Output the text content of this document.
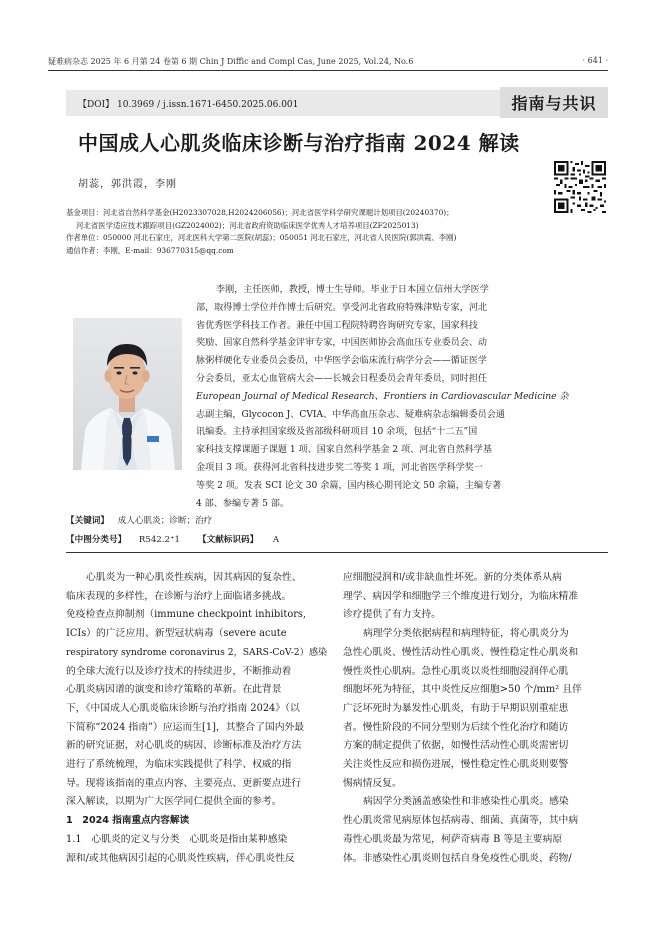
疑难病杂志 2025 年 6 月第 24 卷第 6 期 Chin J Diffic and Compl Cas, June 2025, Vol.24, No.6	· 641 ·
【DOI】 10.3969 / j.issn.1671-6450.2025.06.001	指南与共识
中国成人心肌炎临床诊断与治疗指南 2024 解读
胡蕊，郭洪霞，李刚
基金项目：河北省自然科学基金(H2023307028,H2024206056)；河北省医学科学研究课题计划项目(20240370)；
河北省医学适应技术跟踪项目(GZ2024002)；河北省政府资助临床医学优秀人才培养项目(ZF2025013)
作者单位：050000 河北石家庄，河北医科大学第二医院(胡蕊)；050051 河北石家庄，河北省人民医院(郭洪霞、李刚)
通信作者：李刚，E-mail：936770315@qq.com
李刚，主任医师，教授，博士生导师。毕业于日本国立信州大学医学
部，取得博士学位并作博士后研究。享受河北省政府特殊津贴专家，河北
省优秀医学科技工作者。兼任中国工程院特聘咨询研究专家，国家科技
奖励、国家自然科学基金评审专家，中国医师协会高血压专业委员会、动
脉粥样硬化专业委员会委员，中华医学会临床流行病学分会——循证医学
分会委员，亚太心血管病大会——长城会日程委员会青年委员，同时担任
European Journal of Medical Research、Frontiers in Cardiovascular Medicine 杂
志副主编，Glycocon J、CVIA、中华高血压杂志、疑难病杂志编辑委员会通
讯编委。主持承担国家级及省部级科研项目 10 余项，包括“十二五”国
家科技支撑课题子课题 1 项、国家自然科学基金 2 项、河北省自然科学基
金项目 3 项。获得河北省科技进步奖二等奖 1 项，河北省医学科学奖一
等奖 2 项。发表 SCI 论文 30 余篇，国内核心期刊论文 50 余篇，主编专著
4 部、参编专著 5 部。
【关键词】 成人心肌炎；诊断；治疗
【中图分类号】 R542.2⁺1 【文献标识码】 A
心肌炎为一种心肌炎性疾病，因其病因的复杂性、
临床表现的多样性，在诊断与治疗上面临诸多挑战。
免疫检查点抑制剂（immune checkpoint inhibitors,
ICIs）的广泛应用、新型冠状病毒（severe acute
respiratory syndrome coronavirus 2，SARS-CoV-2）感染
的全球大流行以及诊疗技术的持续进步，不断推动着
心肌炎病因谱的演变和诊疗策略的革新。在此背景
下，《中国成人心肌炎临床诊断与治疗指南 2024》（以
下简称“2024 指南”）应运而生[1]，其整合了国内外最
新的研究证据，对心肌炎的病因、诊断标准及治疗方法
进行了系统梳理，为临床实践提供了科学、权威的指
导。现将该指南的重点内容、主要亮点、更新要点进行
深入解读，以期为广大医学同仁提供全面的参考。
1　2024 指南重点内容解读
1.1　心肌炎的定义与分类　心肌炎是指由某种感染
源和/或其他病因引起的心肌炎性疾病，伴心肌炎性反
应细胞浸润和/或非缺血性坏死。新的分类体系从病
理学、病因学和细胞学三个维度进行划分，为临床精准
诊疗提供了有力支持。
病理学分类依据病程和病理特征，将心肌炎分为
急性心肌炎、慢性活动性心肌炎、慢性稳定性心肌炎和
慢性炎性心肌病。急性心肌炎以炎性细胞浸润伴心肌
细胞坏死为特征，其中炎性反应细胞>50 个/mm² 且伴
广泛坏死时为暴发性心肌炎，有助于早期识别重症患
者。慢性阶段的不同分型则为后续个性化治疗和随访
方案的制定提供了依据，如慢性活动性心肌炎需密切
关注炎性反应和损伤进展，慢性稳定性心肌炎则要警
惕病情反复。
病因学分类涵盖感染性和非感染性心肌炎。感染
性心肌炎常见病原体包括病毒、细菌、真菌等，其中病
毒性心肌炎最为常见，柯萨奇病毒 B 等是主要病原
体。非感染性心肌炎则包括自身免疫性心肌炎、药物/
